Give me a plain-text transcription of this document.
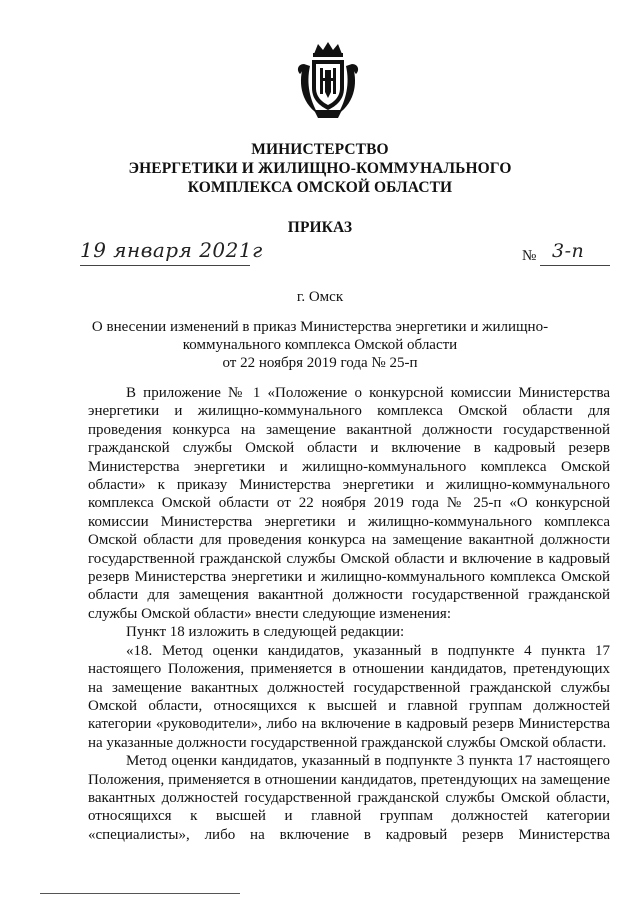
МИНИСТЕРСТВО
ЭНЕРГЕТИКИ И ЖИЛИЩНО-КОММУНАЛЬНОГО
КОМПЛЕКСА ОМСКОЙ ОБЛАСТИ
ПРИКАЗ
19 января 2021г	№ 3-п
г. Омск
О внесении изменений в приказ Министерства энергетики и жилищно-
коммунального комплекса Омской области
от 22 ноября 2019 года № 25-п

В приложение № 1 «Положение о конкурсной комиссии Министерства энергетики и жилищно-коммунального комплекса Омской области для проведения конкурса на замещение вакантной должности государственной гражданской службы Омской области и включение в кадровый резерв Министерства энергетики и жилищно-коммунального комплекса Омской области» к приказу Министерства энергетики и жилищно-коммунального комплекса Омской области от 22 ноября 2019 года № 25-п «О конкурсной комиссии Министерства энергетики и жилищно-коммунального комплекса Омской области для проведения конкурса на замещение вакантной должности государственной гражданской службы Омской области и включение в кадровый резерв Министерства энергетики и жилищно-коммунального комплекса Омской области для замещения вакантной должности государственной гражданской службы Омской области» внести следующие изменения:

Пункт 18 изложить в следующей редакции:

«18. Метод оценки кандидатов, указанный в подпункте 4 пункта 17 настоящего Положения, применяется в отношении кандидатов, претендующих на замещение вакантных должностей государственной гражданской службы Омской области, относящихся к высшей и главной группам должностей категории «руководители», либо на включение в кадровый резерв Министерства на указанные должности государственной гражданской службы Омской области.

Метод оценки кандидатов, указанный в подпункте 3 пункта 17 настоящего Положения, применяется в отношении кандидатов, претендующих на замещение вакантных должностей государственной гражданской службы Омской области, относящихся к высшей и главной группам должностей категории «специалисты», либо на включение в кадровый резерв Министерства
